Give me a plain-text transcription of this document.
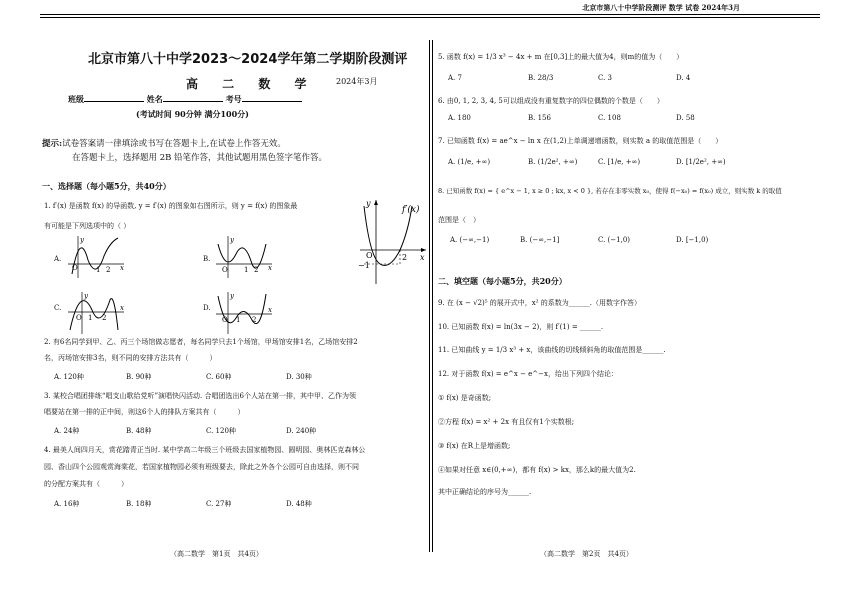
北京市第八十中学阶段测评 数学 试卷 2024年3月
北京市第八十中学2023～2024学年第二学期阶段测评
高 二 数 学 2024年3月
班级	姓名	考号
(考试时间 90分钟 满分100分)
提示:试卷答案请一律填涂或书写在答题卡上,在试卷上作答无效。
在答题卡上，选择题用 2B 铅笔作答，其他试题用黑色签字笔作答。
一、选择题（每小题5分，共40分）
1. f′(x) 是函数 f(x) 的导函数, y = f′(x) 的图象如右图所示，则 y = f(x) 的图象最
有可能是下列选项中的（ ）
f′(x)
O	2
−1
x
y
A.
O	1 2 x
y
B.
O 1 2 x
y
C.
O 1 2
x
y
D.
O 1 2
x
y
2. 有6名同学到甲、乙、丙三个场馆做志愿者，每名同学只去1个场馆，甲场馆安排1名，乙场馆安排2
名，丙场馆安排3名，则不同的安排方法共有（　　　）
A. 120种	B. 90种	C. 60种	D. 30种
3. 某校合唱团排练“唱支山歌给党听”演唱快闪活动. 合唱团选出6个人站在第一排，其中甲、乙作为领
唱要站在第一排的正中间，则这6个人的排队方案共有（　　　）
A. 24种	B. 48种	C. 120种	D. 240种
4. 最美人间四月天，赏花踏青正当时. 某中学高二年级三个班级去国家植物园、圆明园、奥林匹克森林公
园、香山四个公园观赏海棠花，若国家植物园必须有班级要去，除此之外各个公园可自由选择，则不同
的分配方案共有（　　　）
A. 16种	B. 18种	C. 27种	D. 48种
（高二数学　第1页　共4页）
5. 函数 f(x) = 1/3 x³ − 4x + m 在[0,3]上的最大值为4，则m的值为（　　）
A. 7	B. 28/3	C. 3	D. 4
6. 由0, 1, 2, 3, 4, 5可以组成没有重复数字的四位偶数的个数是（　　）
A. 180	B. 156	C. 108	D. 58
7. 已知函数 f(x) = ae^x − ln x 在(1,2)上单调递增函数，则实数 a 的取值范围是（　　）
A. (1/e, +∞)	B. (1/2e², +∞)	C. [1/e, +∞)	D. [1/2e², +∞)
8. 已知函数 f(x) = { e^x − 1, x ≥ 0 ; kx, x < 0 }, 若存在非零实数 x₀，使得 f(−x₀) = f(x₀) 成立，则实数 k 的取值
范围是（　）
A. (−∞,−1)	B. (−∞,−1]	C. (−1,0)	D. [−1,0)
二、填空题（每小题5分，共20分）
9. 在 (x − √2)⁵ 的展开式中，x² 的系数为______.（用数字作答）
10. 已知函数 f(x) = ln(3x − 2)，则 f′(1) = ______.
11. 已知曲线 y = 1/3 x³ + x，该曲线的切线倾斜角的取值范围是______.
12. 对于函数 f(x) = e^x − e^−x，给出下列四个结论：
① f(x) 是奇函数;
②方程 f(x) = x² + 2x 有且仅有1个实数根;
③ f(x) 在R上是增函数;
④如果对任意 x∈(0,+∞)，都有 f(x) > kx，那么k的最大值为2.
其中正确结论的序号为______.
（高二数学　第2页　共4页）
